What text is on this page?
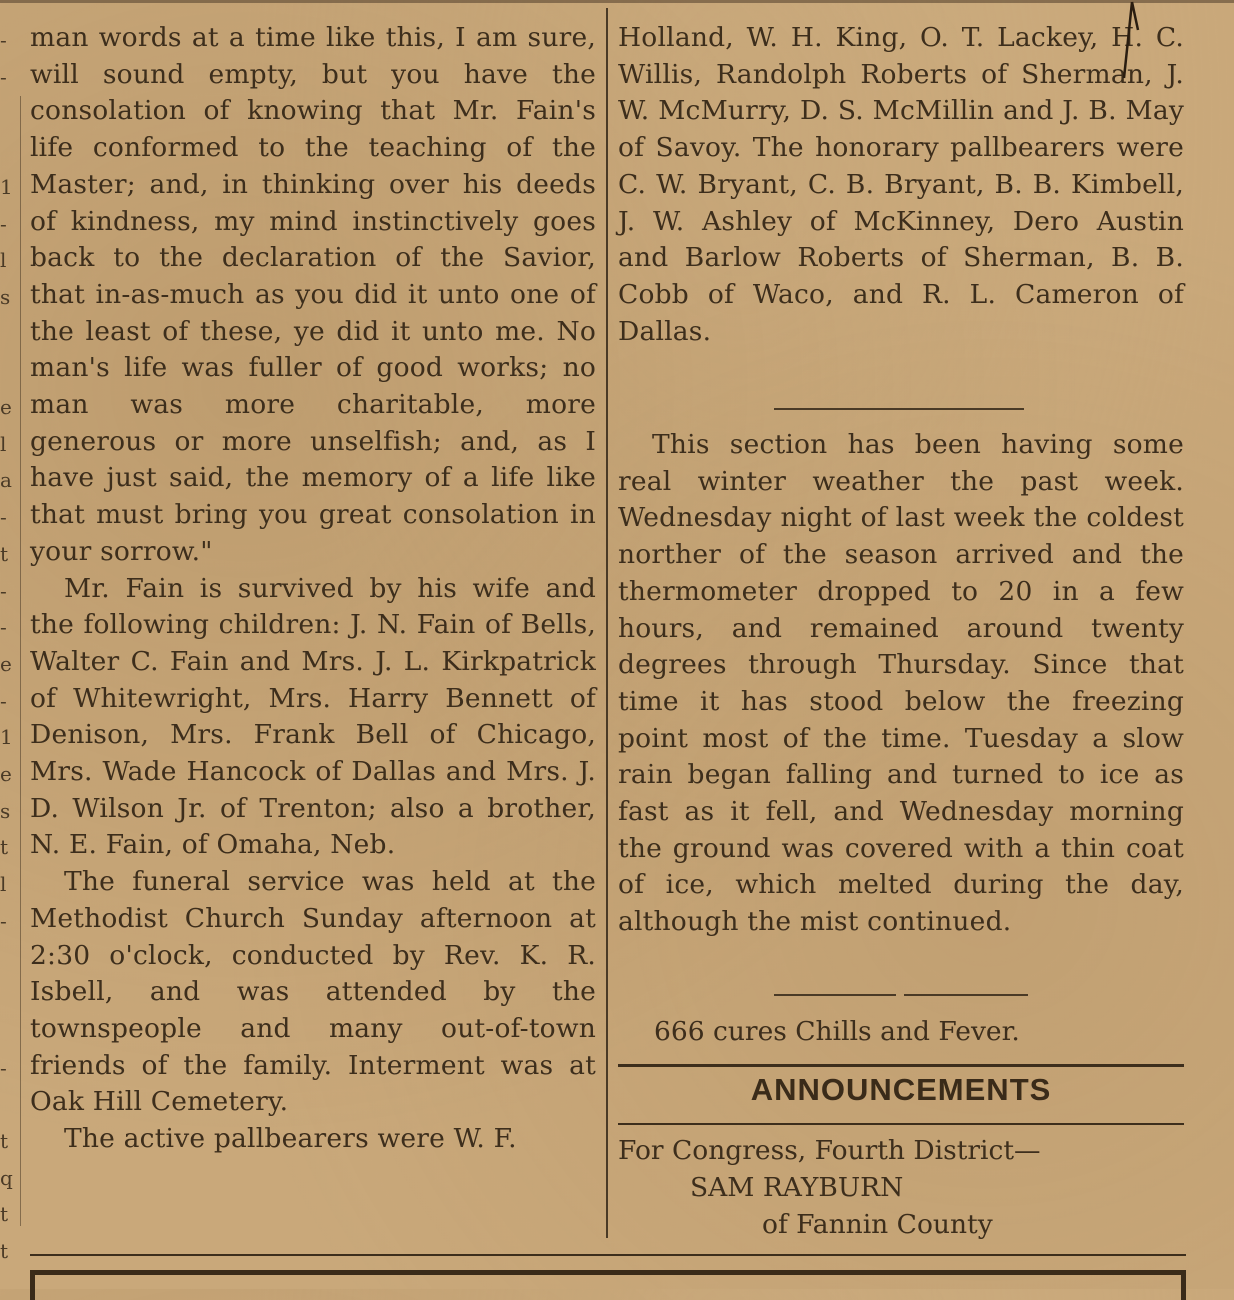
-
-
1
-
l
s
e
l
a
-
t
-
-
e
-
1
e
s
t
l
-
-
t
q
t
t

man words at a time like this, I am sure, will sound empty, but you have the consolation of knowing that Mr. Fain's life conformed to the teaching of the Master; and, in thinking over his deeds of kindness, my mind instinctively goes back to the declaration of the Savior, that in-as-much as you did it unto one of the least of these, ye did it unto me. No man's life was fuller of good works; no man was more charitable, more generous or more unselfish; and, as I have just said, the memory of a life like that must bring you great consolation in your sorrow."

Mr. Fain is survived by his wife and the following children: J. N. Fain of Bells, Walter C. Fain and Mrs. J. L. Kirkpatrick of Whitewright, Mrs. Harry Bennett of Denison, Mrs. Frank Bell of Chicago, Mrs. Wade Hancock of Dallas and Mrs. J. D. Wilson Jr. of Trenton; also a brother, N. E. Fain, of Omaha, Neb.

The funeral service was held at the Methodist Church Sunday afternoon at 2:30 o'clock, conducted by Rev. K. R. Isbell, and was attended by the townspeople and many out-of-town friends of the family. Interment was at Oak Hill Cemetery.

The active pallbearers were W. F.

Holland, W. H. King, O. T. Lackey, H. C. Willis, Randolph Roberts of Sherman, J. W. McMurry, D. S. McMillin and J. B. May of Savoy. The honorary pallbearers were C. W. Bryant, C. B. Bryant, B. B. Kimbell, J. W. Ashley of McKinney, Dero Austin and Barlow Roberts of Sherman, B. B. Cobb of Waco, and R. L. Cameron of Dallas.

This section has been having some real winter weather the past week. Wednesday night of last week the coldest norther of the season arrived and the thermometer dropped to 20 in a few hours, and remained around twenty degrees through Thursday. Since that time it has stood below the freezing point most of the time. Tuesday a slow rain began falling and turned to ice as fast as it fell, and Wednesday morning the ground was covered with a thin coat of ice, which melted during the day, although the mist continued.

666 cures Chills and Fever.
ANNOUNCEMENTS
For Congress, Fourth District—
SAM RAYBURN
of Fannin County
